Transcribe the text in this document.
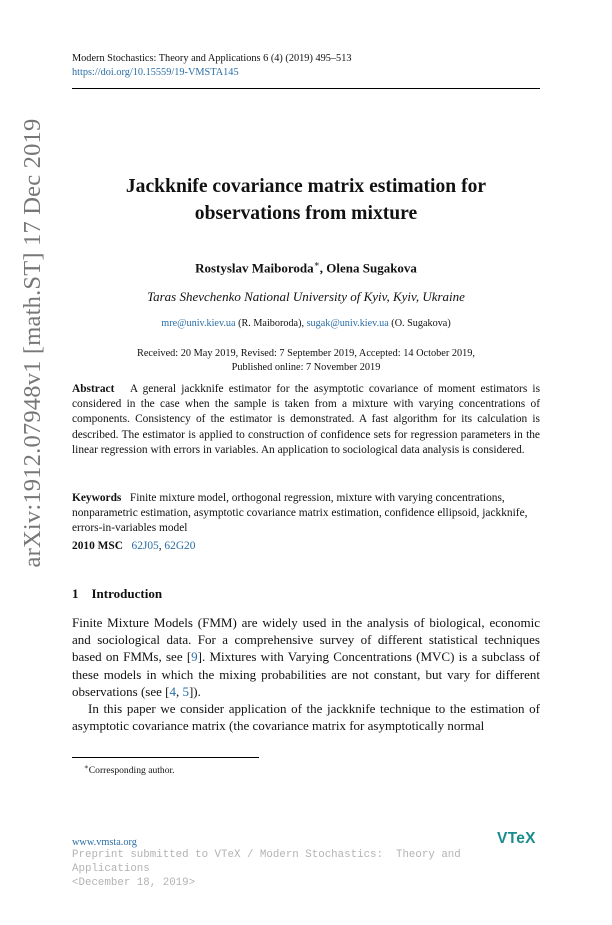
arXiv:1912.07948v1 [math.ST] 17 Dec 2019
Modern Stochastics: Theory and Applications 6 (4) (2019) 495–513
https://doi.org/10.15559/19-VMSTA145
Jackknife covariance matrix estimation for
observations from mixture
Rostyslav Maiboroda∗, Olena Sugakova
Taras Shevchenko National University of Kyiv, Kyiv, Ukraine
mre@univ.kiev.ua (R. Maiboroda), sugak@univ.kiev.ua (O. Sugakova)
Received: 20 May 2019, Revised: 7 September 2019, Accepted: 14 October 2019,
Published online: 7 November 2019
Abstract A general jackknife estimator for the asymptotic covariance of moment estimators is considered in the case when the sample is taken from a mixture with varying concentrations of components. Consistency of the estimator is demonstrated. A fast algorithm for its calculation is described. The estimator is applied to construction of confidence sets for regression parameters in the linear regression with errors in variables. An application to sociological data analysis is considered.
Keywords Finite mixture model, orthogonal regression, mixture with varying concentrations, nonparametric estimation, asymptotic covariance matrix estimation, confidence ellipsoid, jackknife, errors-in-variables model
2010 MSC 62J05, 62G20
1 Introduction

Finite Mixture Models (FMM) are widely used in the analysis of biological, economic and sociological data. For a comprehensive survey of different statistical techniques based on FMMs, see [9]. Mixtures with Varying Concentrations (MVC) is a subclass of these models in which the mixing probabilities are not constant, but vary for different observations (see [4, 5]).

In this paper we consider application of the jackknife technique to the estimation of asymptotic covariance matrix (the covariance matrix for asymptotically normal

∗Corresponding author.
www.vmsta.org	VTeX
Preprint submitted to VTeX / Modern Stochastics:  Theory and Applications
<December 18, 2019>
